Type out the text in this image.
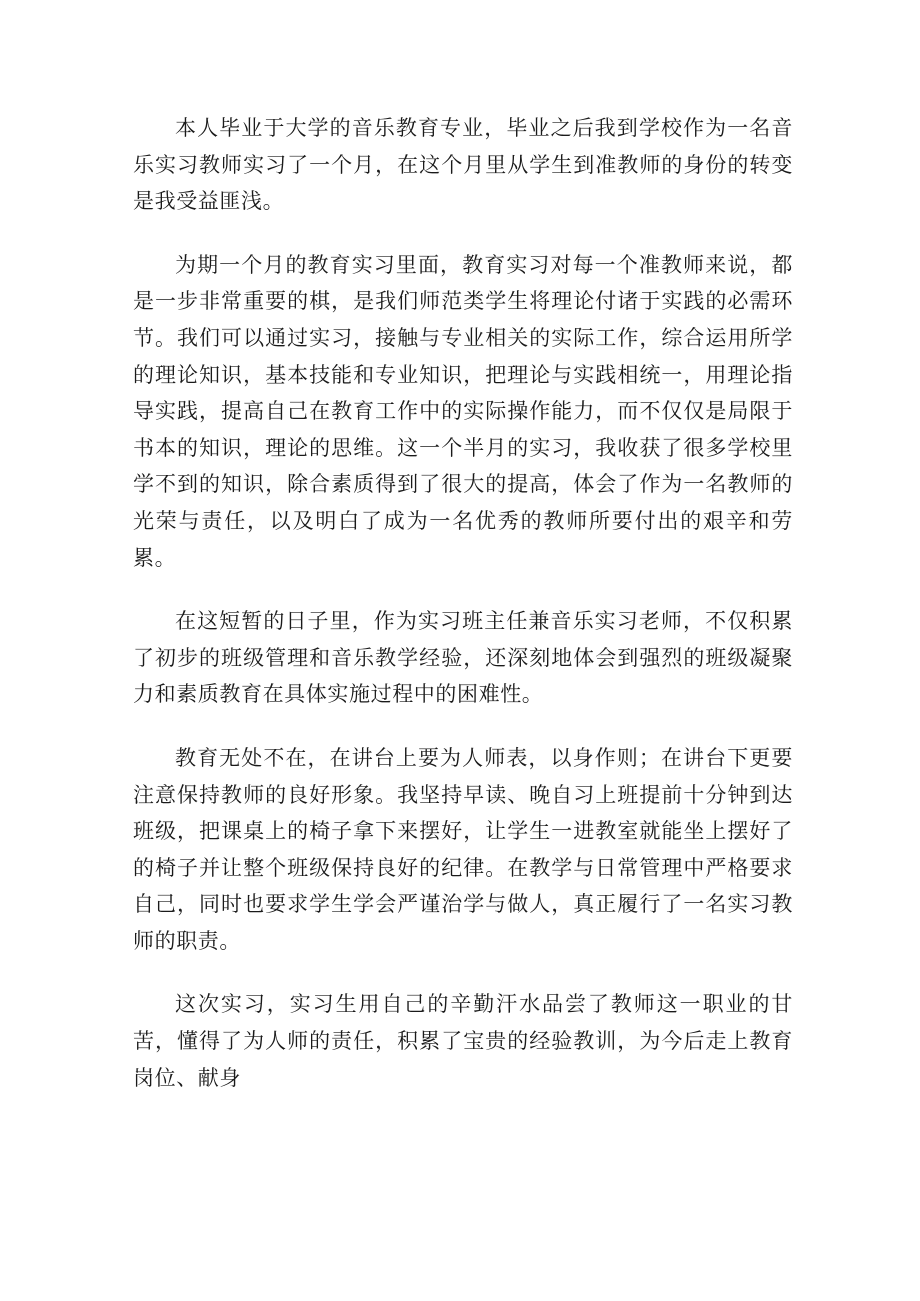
本人毕业于大学的音乐教育专业，毕业之后我到学校作为一名音乐实习教师实习了一个月，在这个月里从学生到准教师的身份的转变是我受益匪浅。

为期一个月的教育实习里面，教育实习对每一个准教师来说，都是一步非常重要的棋，是我们师范类学生将理论付诸于实践的必需环节。我们可以通过实习，接触与专业相关的实际工作，综合运用所学的理论知识，基本技能和专业知识，把理论与实践相统一，用理论指导实践，提高自己在教育工作中的实际操作能力，而不仅仅是局限于书本的知识，理论的思维。这一个半月的实习，我收获了很多学校里学不到的知识，除合素质得到了很大的提高，体会了作为一名教师的光荣与责任，以及明白了成为一名优秀的教师所要付出的艰辛和劳累。

在这短暂的日子里，作为实习班主任兼音乐实习老师，不仅积累了初步的班级管理和音乐教学经验，还深刻地体会到强烈的班级凝聚力和素质教育在具体实施过程中的困难性。

教育无处不在，在讲台上要为人师表，以身作则；在讲台下更要注意保持教师的良好形象。我坚持早读、晚自习上班提前十分钟到达班级，把课桌上的椅子拿下来摆好，让学生一进教室就能坐上摆好了的椅子并让整个班级保持良好的纪律。在教学与日常管理中严格要求自己，同时也要求学生学会严谨治学与做人，真正履行了一名实习教师的职责。

这次实习，实习生用自己的辛勤汗水品尝了教师这一职业的甘苦，懂得了为人师的责任，积累了宝贵的经验教训，为今后走上教育岗位、献身
